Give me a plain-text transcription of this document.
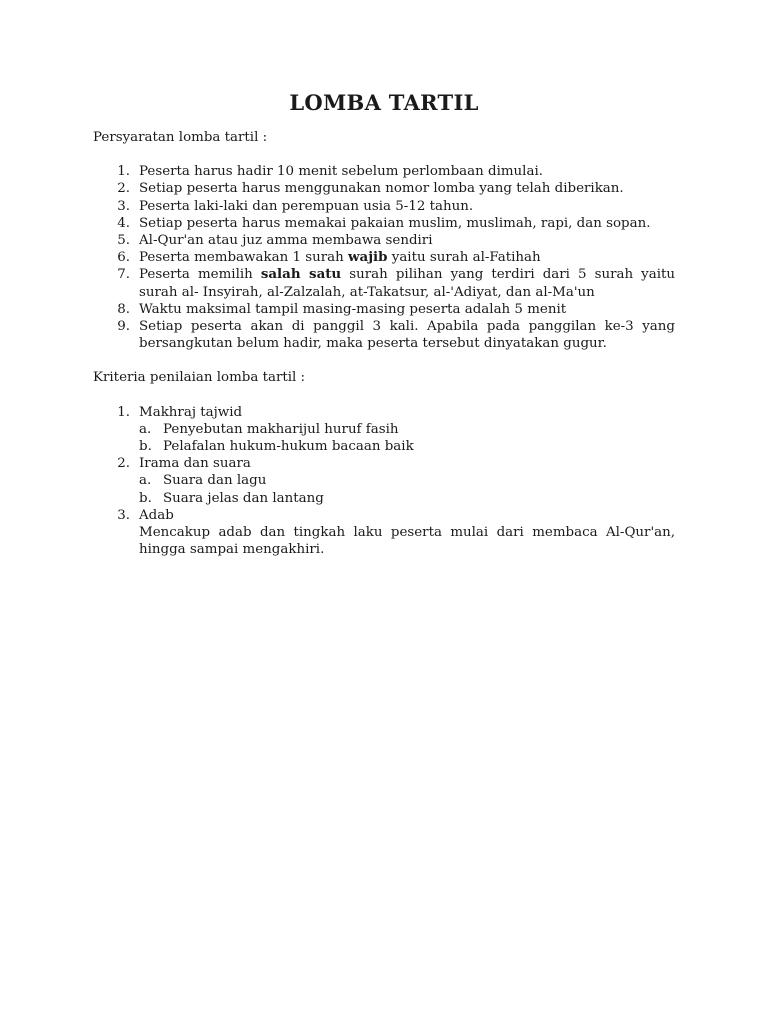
LOMBA TARTIL

Persyaratan lomba tartil :

1. Peserta harus hadir 10 menit sebelum perlombaan dimulai.
2. Setiap peserta harus menggunakan nomor lomba yang telah diberikan.
3. Peserta laki-laki dan perempuan usia 5-12 tahun.
4. Setiap peserta harus memakai pakaian muslim, muslimah, rapi, dan sopan.
5. Al-Qur'an atau juz amma membawa sendiri
6. Peserta membawakan 1 surah wajib yaitu surah al-Fatihah
7. Peserta memilih salah satu surah pilihan yang terdiri dari 5 surah yaitu surah al- Insyirah, al-Zalzalah, at-Takatsur, al-'Adiyat, dan al-Ma'un
8. Waktu maksimal tampil masing-masing peserta adalah 5 menit
9. Setiap peserta akan di panggil 3 kali. Apabila pada panggilan ke-3 yang bersangkutan belum hadir, maka peserta tersebut dinyatakan gugur.

Kriteria penilaian lomba tartil :

1. Makhraj tajwid
a. Penyebutan makharijul huruf fasih
b. Pelafalan hukum-hukum bacaan baik
2. Irama dan suara
a. Suara dan lagu
b. Suara jelas dan lantang
3. Adab
Mencakup adab dan tingkah laku peserta mulai dari membaca Al-Qur'an, hingga sampai mengakhiri.
